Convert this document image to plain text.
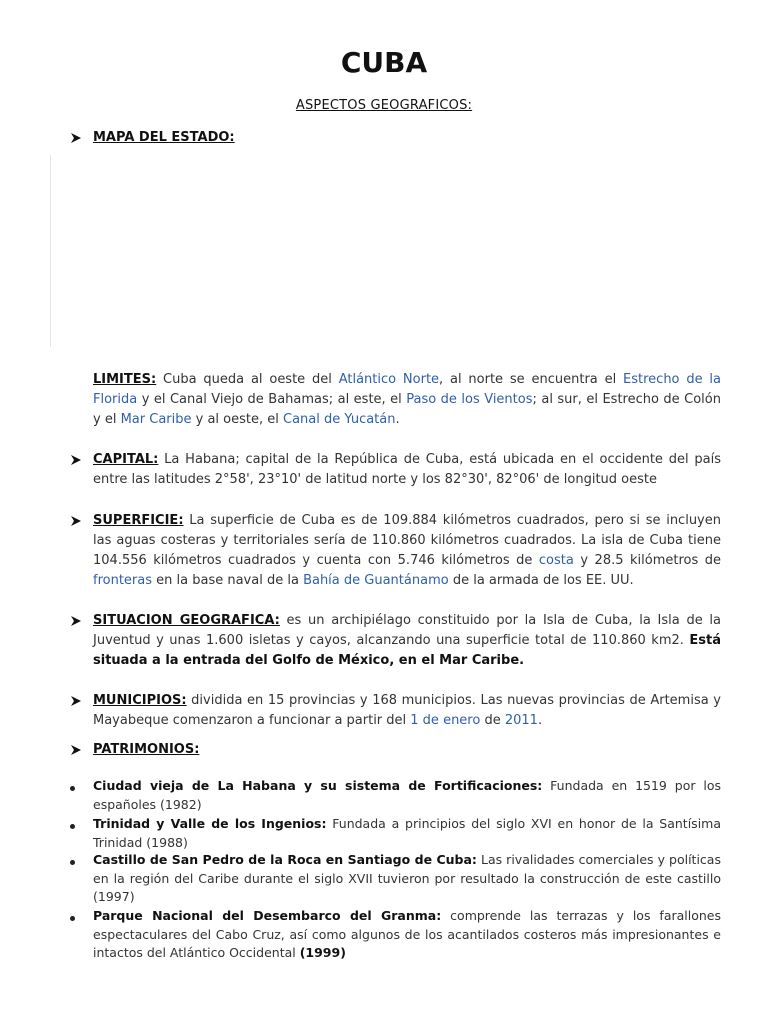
CUBA
ASPECTOS GEOGRAFICOS:
MAPA DEL ESTADO:
LIMITES: Cuba queda al oeste del Atlántico Norte, al norte se encuentra el Estrecho de la Florida y el Canal Viejo de Bahamas; al este, el Paso de los Vientos; al sur, el Estrecho de Colón y el Mar Caribe y al oeste, el Canal de Yucatán.
CAPITAL: La Habana; capital de la República de Cuba, está ubicada en el occidente del país entre las latitudes 2°58', 23°10' de latitud norte y los 82°30', 82°06' de longitud oeste
SUPERFICIE: La superficie de Cuba es de 109.884 kilómetros cuadrados, pero si se incluyen las aguas costeras y territoriales sería de 110.860 kilómetros cuadrados. La isla de Cuba tiene 104.556 kilómetros cuadrados y cuenta con 5.746 kilómetros de costa y 28.5 kilómetros de fronteras en la base naval de la Bahía de Guantánamo de la armada de los EE. UU.
SITUACION GEOGRAFICA: es un archipiélago constituido por la Isla de Cuba, la Isla de la Juventud y unas 1.600 isletas y cayos, alcanzando una superficie total de 110.860 km2. Está situada a la entrada del Golfo de México, en el Mar Caribe.
MUNICIPIOS: dividida en 15 provincias y 168 municipios. Las nuevas provincias de Artemisa y Mayabeque comenzaron a funcionar a partir del 1 de enero de 2011.
PATRIMONIOS:
Ciudad vieja de La Habana y su sistema de Fortificaciones: Fundada en 1519 por los españoles (1982)
Trinidad y Valle de los Ingenios: Fundada a principios del siglo XVI en honor de la Santísima Trinidad (1988)
Castillo de San Pedro de la Roca en Santiago de Cuba: Las rivalidades comerciales y políticas en la región del Caribe durante el siglo XVII tuvieron por resultado la construcción de este castillo (1997)
Parque Nacional del Desembarco del Granma: comprende las terrazas y los farallones espectaculares del Cabo Cruz, así como algunos de los acantilados costeros más impresionantes e intactos del Atlántico Occidental (1999)
